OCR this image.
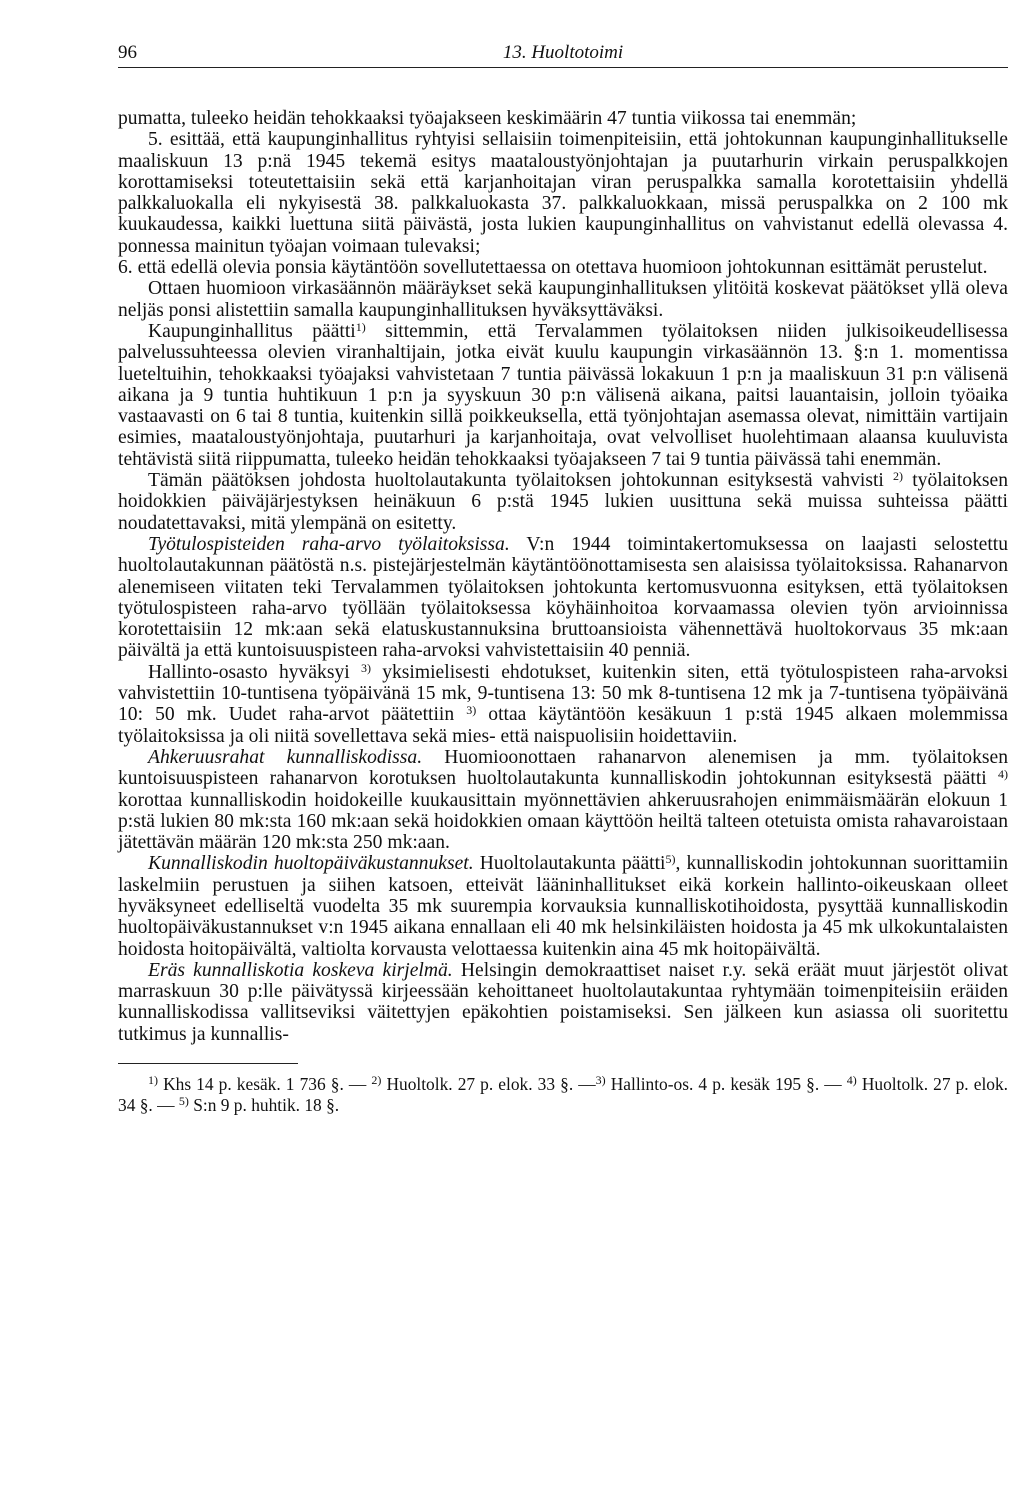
96	13. Huoltotoimi

pumatta, tuleeko heidän tehokkaaksi työajakseen keskimäärin 47 tuntia viikossa tai enemmän;

5. esittää, että kaupunginhallitus ryhtyisi sellaisiin toimenpiteisiin, että johtokunnan kaupunginhallitukselle maaliskuun 13 p:nä 1945 tekemä esitys maataloustyönjohtajan ja puutarhurin virkain peruspalkkojen korottamiseksi toteutettaisiin sekä että karjanhoitajan viran peruspalkka samalla korotettaisiin yhdellä palkkaluokalla eli nykyisestä 38. palkkaluokasta 37. palkkaluokkaan, missä peruspalkka on 2 100 mk kuukaudessa, kaikki luettuna siitä päivästä, josta lukien kaupunginhallitus on vahvistanut edellä olevassa 4. ponnessa mainitun työajan voimaan tulevaksi;

6. että edellä olevia ponsia käytäntöön sovellutettaessa on otettava huomioon johtokunnan esittämät perustelut.

Ottaen huomioon virkasäännön määräykset sekä kaupunginhallituksen ylitöitä koskevat päätökset yllä oleva neljäs ponsi alistettiin samalla kaupunginhallituksen hyväksyttäväksi.

Kaupunginhallitus päätti$^{1)}$ sittemmin, että Tervalammen työlaitoksen niiden julkisoikeudellisessa palvelussuhteessa olevien viranhaltijain, jotka eivät kuulu kaupungin virkasäännön 13. §:n 1. momentissa lueteltuihin, tehokkaaksi työajaksi vahvistetaan 7 tuntia päivässä lokakuun 1 p:n ja maaliskuun 31 p:n välisenä aikana ja 9 tuntia huhtikuun 1 p:n ja syyskuun 30 p:n välisenä aikana, paitsi lauantaisin, jolloin työaika vastaavasti on 6 tai 8 tuntia, kuitenkin sillä poikkeuksella, että työnjohtajan asemassa olevat, nimittäin vartijain esimies, maataloustyönjohtaja, puutarhuri ja karjanhoitaja, ovat velvolliset huolehtimaan alaansa kuuluvista tehtävistä siitä riippumatta, tuleeko heidän tehokkaaksi työajakseen 7 tai 9 tuntia päivässä tahi enemmän.

Tämän päätöksen johdosta huoltolautakunta työlaitoksen johtokunnan esityksestä vahvisti $^{2)}$ työlaitoksen hoidokkien päiväjärjestyksen heinäkuun 6 p:stä 1945 lukien uusittuna sekä muissa suhteissa päätti noudatettavaksi, mitä ylempänä on esitetty.

Työtulospisteiden raha-arvo työlaitoksissa. V:n 1944 toimintakertomuksessa on laajasti selostettu huoltolautakunnan päätöstä n.s. pistejärjestelmän käytäntöönottamisesta sen alaisissa työlaitoksissa. Rahanarvon alenemiseen viitaten teki Tervalammen työlaitoksen johtokunta kertomusvuonna esityksen, että työlaitoksen työtulospisteen raha-arvo työllään työlaitoksessa köyhäinhoitoa korvaamassa olevien työn arvioinnissa korotettaisiin 12 mk:aan sekä elatuskustannuksina bruttoansioista vähennettävä huoltokorvaus 35 mk:aan päivältä ja että kuntoisuuspisteen raha-arvoksi vahvistettaisiin 40 penniä.

Hallinto-osasto hyväksyi $^{3)}$ yksimielisesti ehdotukset, kuitenkin siten, että työtulospisteen raha-arvoksi vahvistettiin 10-tuntisena työpäivänä 15 mk, 9-tuntisena 13: 50 mk 8-tuntisena 12 mk ja 7-tuntisena työpäivänä 10: 50 mk. Uudet raha-arvot päätettiin $^{3)}$ ottaa käytäntöön kesäkuun 1 p:stä 1945 alkaen molemmissa työlaitoksissa ja oli niitä sovellettava sekä mies- että naispuolisiin hoidettaviin.

Ahkeruusrahat kunnalliskodissa. Huomioonottaen rahanarvon alenemisen ja mm. työlaitoksen kuntoisuuspisteen rahanarvon korotuksen huoltolautakunta kunnalliskodin johtokunnan esityksestä päätti $^{4)}$ korottaa kunnalliskodin hoidokeille kuukausittain myönnettävien ahkeruusrahojen enimmäismäärän elokuun 1 p:stä lukien 80 mk:sta 160 mk:aan sekä hoidokkien omaan käyttöön heiltä talteen otetuista omista rahavaroistaan jätettävän määrän 120 mk:sta 250 mk:aan.

Kunnalliskodin huoltopäiväkustannukset. Huoltolautakunta päätti$^{5)}$, kunnalliskodin johtokunnan suorittamiin laskelmiin perustuen ja siihen katsoen, etteivät lääninhallitukset eikä korkein hallinto-oikeuskaan olleet hyväksyneet edelliseltä vuodelta 35 mk suurempia korvauksia kunnalliskotihoidosta, pysyttää kunnalliskodin huoltopäiväkustannukset v:n 1945 aikana ennallaan eli 40 mk helsinkiläisten hoidosta ja 45 mk ulkokuntalaisten hoidosta hoitopäivältä, valtiolta korvausta velottaessa kuitenkin aina 45 mk hoitopäivältä.

Eräs kunnalliskotia koskeva kirjelmä. Helsingin demokraattiset naiset r.y. sekä eräät muut järjestöt olivat marraskuun 30 p:lle päivätyssä kirjeessään kehoittaneet huoltolautakuntaa ryhtymään toimenpiteisiin eräiden kunnalliskodissa vallitseviksi väitettyjen epäkohtien poistamiseksi. Sen jälkeen kun asiassa oli suoritettu tutkimus ja kunnallis-

$^{1)}$ Khs 14 p. kesäk. 1 736 §. — $^{2)}$ Huoltolk. 27 p. elok. 33 §. —$^{3)}$ Hallinto-os. 4 p. kesäk 195 §. — $^{4)}$ Huoltolk. 27 p. elok. 34 §. — $^{5)}$ S:n 9 p. huhtik. 18 §.
